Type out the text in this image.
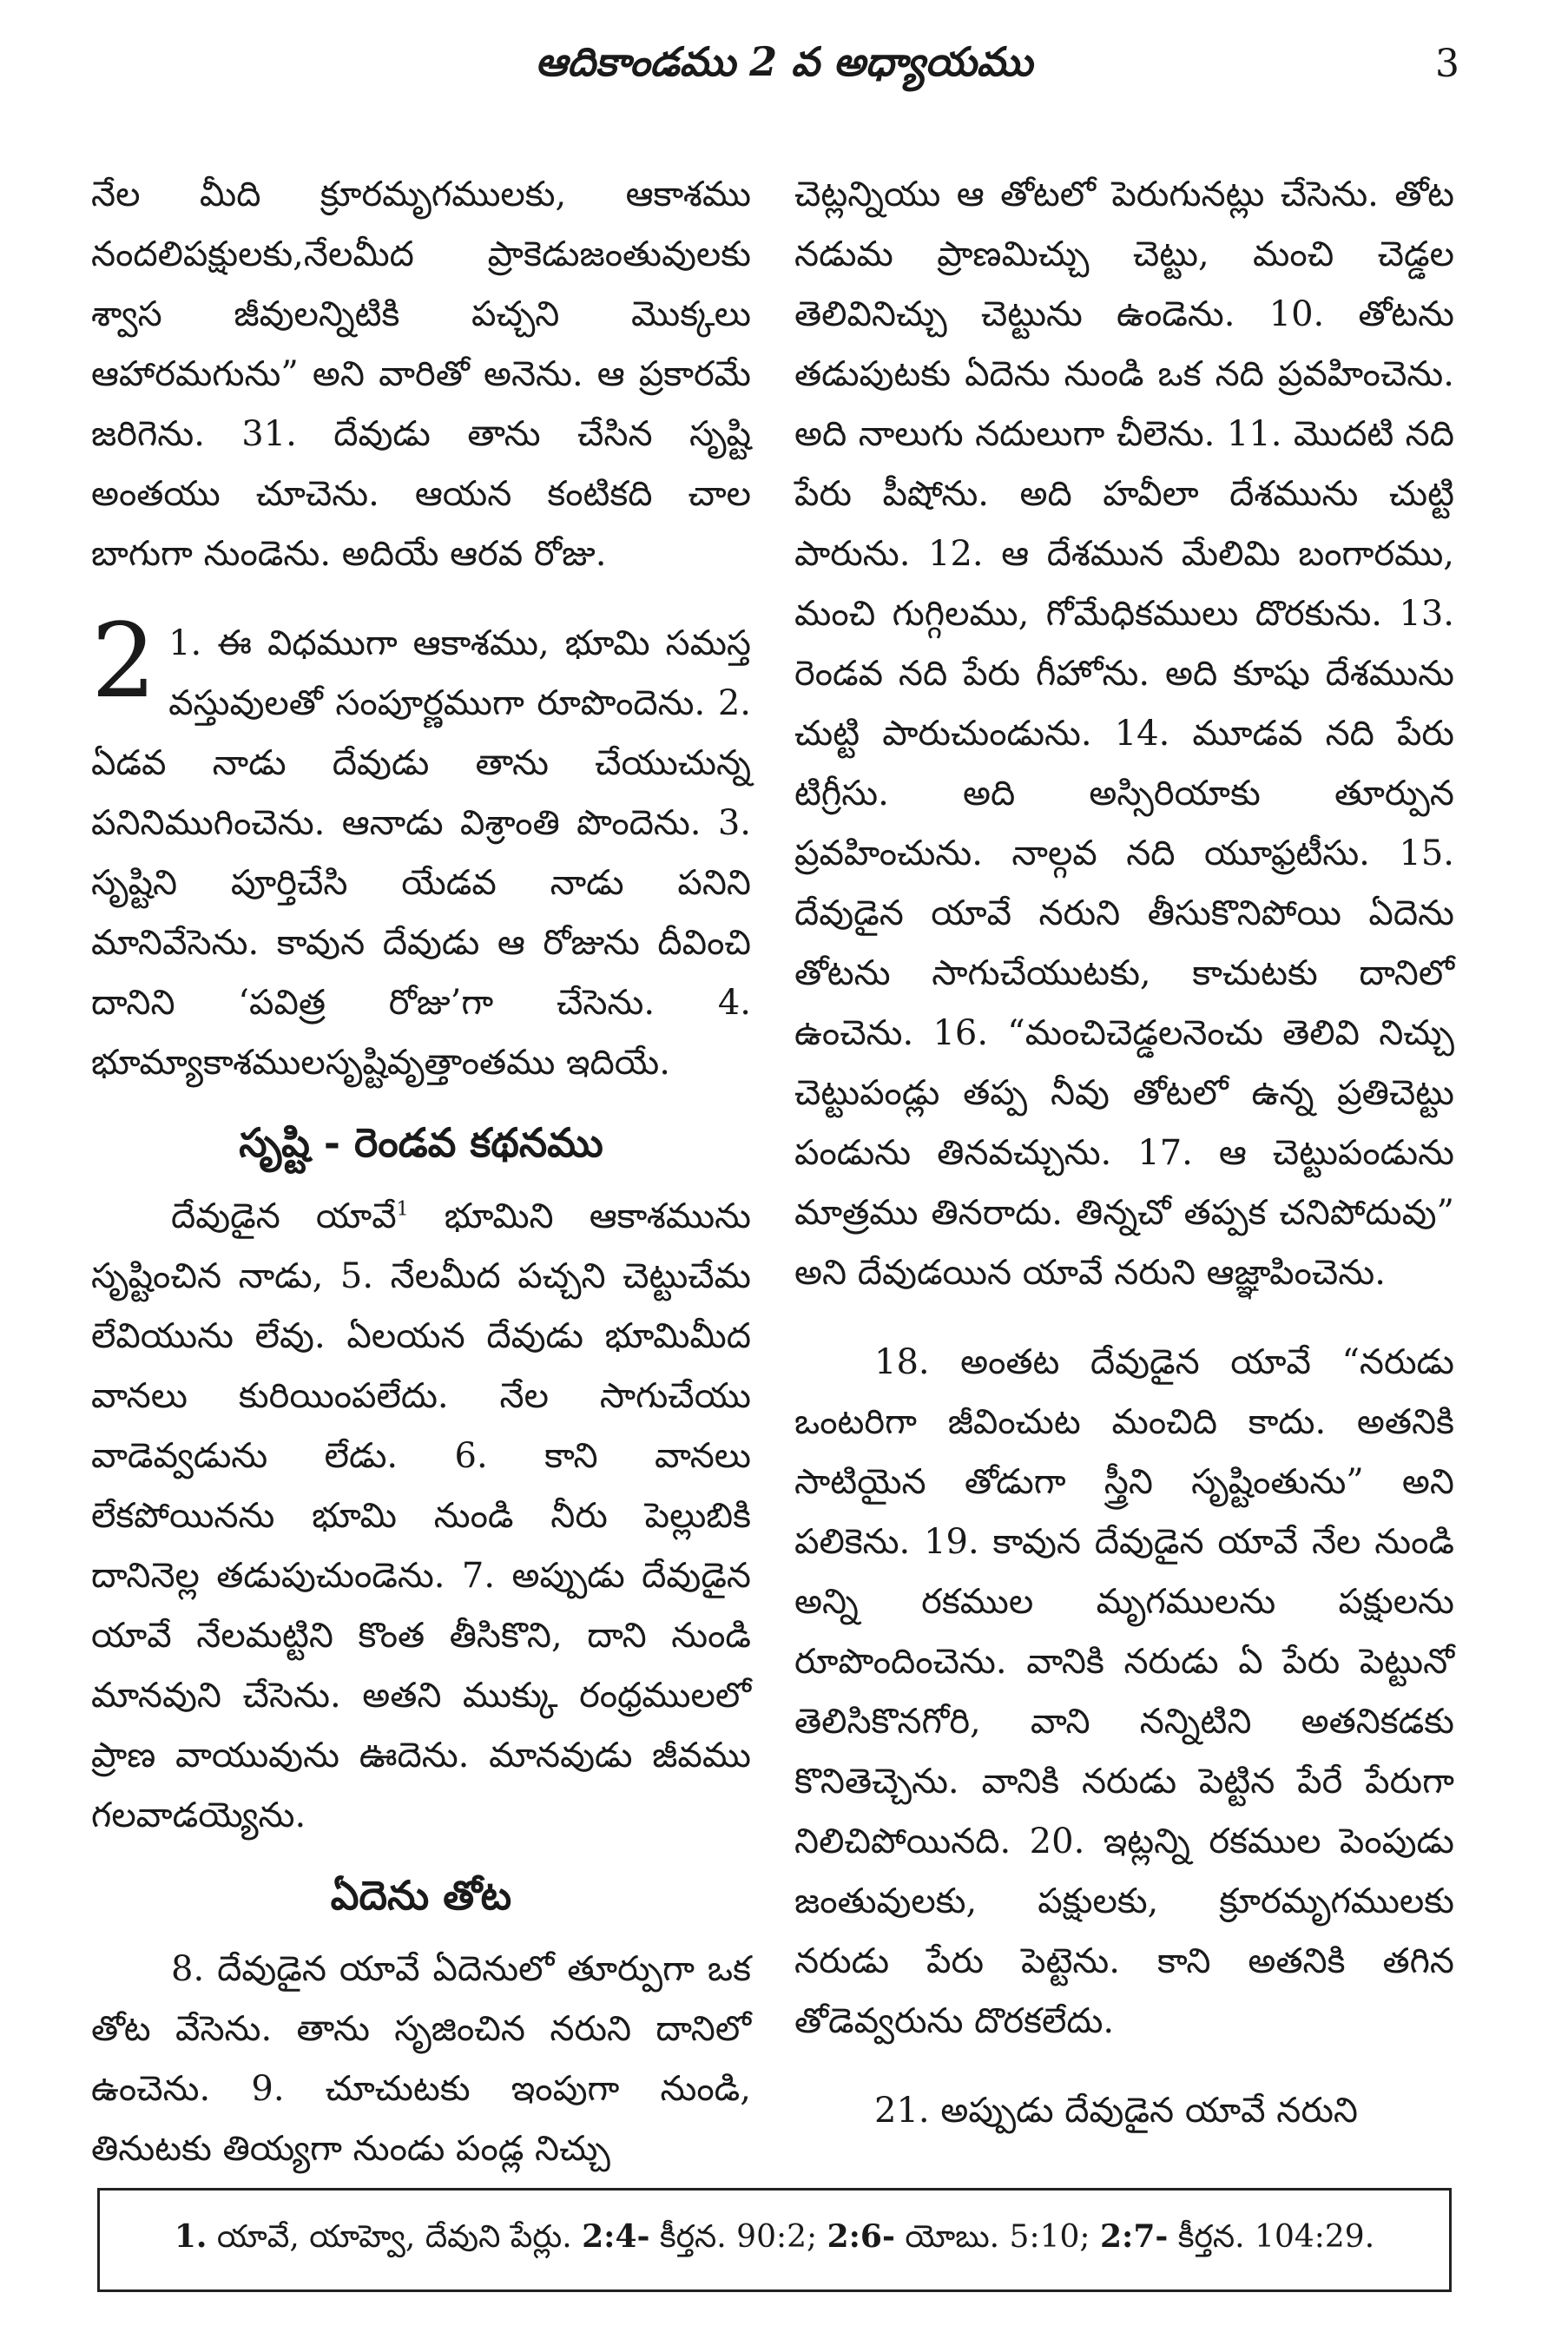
ఆదికాండము 2 వ అధ్యాయము	3

నేల మీది క్రూరమృగములకు, ఆకాశము నందలిపక్షులకు,నేలమీద ప్రాకెడుజంతువులకు శ్వాస జీవులన్నిటికి పచ్చని మొక్కలు ఆహారమగును” అని వారితో అనెను. ఆ ప్రకారమే జరిగెను. 31. దేవుడు తాను చేసిన సృష్టి అంతయు చూచెను. ఆయన కంటికది చాల బాగుగా నుండెను. అదియే ఆరవ రోజు.

2 1. ఈ విధముగా ఆకాశము, భూమి సమస్త వస్తువులతో సంపూర్ణముగా రూపొందెను. 2. ఏడవ నాడు దేవుడు తాను చేయుచున్న పనినిముగించెను. ఆనాడు విశ్రాంతి పొందెను. 3. సృష్టిని పూర్తిచేసి యేడవ నాడు పనిని మానివేసెను. కావున దేవుడు ఆ రోజును దీవించి దానిని ‘పవిత్ర రోజు’గా చేసెను. 4. భూమ్యాకాశములసృష్టివృత్తాంతము ఇదియే.

సృష్టి - రెండవ కథనము

దేవుడైన యావే$^1$ భూమిని ఆకాశమును సృష్టించిన నాడు, 5. నేలమీద పచ్చని చెట్టుచేమ లేవియును లేవు. ఏలయన దేవుడు భూమిమీద వానలు కురియింపలేదు. నేల సాగుచేయు వాడెవ్వడును లేడు. 6. కాని వానలు లేకపోయినను భూమి నుండి నీరు పెల్లుబికి దానినెల్ల తడుపుచుండెను. 7. అప్పుడు దేవుడైన యావే నేలమట్టిని కొంత తీసికొని, దాని నుండి మానవుని చేసెను. అతని ముక్కు రంధ్రములలో ప్రాణ వాయువును ఊదెను. మానవుడు జీవము గలవాడయ్యెను.

ఏదెను తోట

8. దేవుడైన యావే ఏదెనులో తూర్పుగా ఒక తోట వేసెను. తాను సృజించిన నరుని దానిలో ఉంచెను. 9. చూచుటకు ఇంపుగా నుండి, తినుటకు తియ్యగా నుండు పండ్ల నిచ్చు

చెట్లన్నియు ఆ తోటలో పెరుగునట్లు చేసెను. తోట నడుమ ప్రాణమిచ్చు చెట్టు, మంచి చెడ్డల తెలివినిచ్చు చెట్టును ఉండెను. 10. తోటను తడుపుటకు ఏదెను నుండి ఒక నది ప్రవహించెను. అది నాలుగు నదులుగా చీలెను. 11. మొదటి నది పేరు పీషోను. అది హవీలా దేశమును చుట్టి పారును. 12. ఆ దేశమున మేలిమి బంగారము, మంచి గుగ్గిలము, గోమేధికములు దొరకును. 13. రెండవ నది పేరు గీహోను. అది కూషు దేశమును చుట్టి పారుచుండును. 14. మూడవ నది పేరు టిగ్రీసు. అది అస్సిరియాకు తూర్పున ప్రవహించును. నాల్గవ నది యూఫ్రటీసు. 15. దేవుడైన యావే నరుని తీసుకొనిపోయి ఏదెను తోటను సాగుచేయుటకు, కాచుటకు దానిలో ఉంచెను. 16. “మంచిచెడ్డలనెంచు తెలివి నిచ్చు చెట్టుపండ్లు తప్ప నీవు తోటలో ఉన్న ప్రతిచెట్టు పండును తినవచ్చును. 17. ఆ చెట్టుపండును మాత్రము తినరాదు. తిన్నచో తప్పక చనిపోదువు” అని దేవుడయిన యావే నరుని ఆజ్ఞాపించెను.

18. అంతట దేవుడైన యావే “నరుడు ఒంటరిగా జీవించుట మంచిది కాదు. అతనికి సాటియైన తోడుగా స్త్రీని సృష్టింతును” అని పలికెను. 19. కావున దేవుడైన యావే నేల నుండి అన్ని రకముల మృగములను పక్షులను రూపొందించెను. వానికి నరుడు ఏ పేరు పెట్టునో తెలిసికొనగోరి, వాని నన్నిటిని అతనికడకు కొనితెచ్చెను. వానికి నరుడు పెట్టిన పేరే పేరుగా నిలిచిపోయినది. 20. ఇట్లన్ని రకముల పెంపుడు జంతువులకు, పక్షులకు, క్రూరమృగములకు నరుడు పేరు పెట్టెను. కాని అతనికి తగిన తోడెవ్వరును దొరకలేదు.

21. అప్పుడు దేవుడైన యావే నరుని

1. యావే, యాహ్వె, దేవుని పేర్లు. 2:4- కీర్తన. 90:2; 2:6- యోబు. 5:10; 2:7- కీర్తన. 104:29.
